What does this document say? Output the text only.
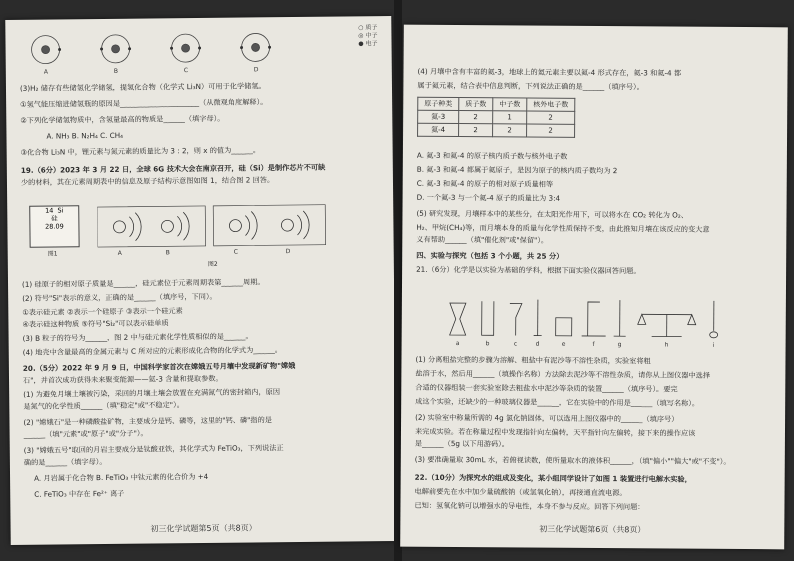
A	B	C	D
○ 质子
◎ 中子
● 电子
(3)H₂ 储存有些储氢化学储氢，提氢化合物（化学式 Li₃N）可用于化学储氢。
①氢气能压缩进储氢瓶的原因是______________________（从微观角度解释）。
②下列化学储氢物质中，含氢量最高的物质是______（填字母）。
A. NH₃ B. N₂H₄ C. CH₄
③化合物 Li₃N 中，锂元素与氮元素的质量比为 3 : 2，则 x 的值为______。
19.（6分）2023 年 3 月 22 日，全球 6G 技术大会在南京召开，硅（Si）是制作芯片不可缺
少的材料，其在元素周期表中的信息及原子结构示意图如图 1，结合图 2 回答。
14  Si
硅
28.09
A	B	C	D
图1
图2
(1) 硅原子的相对原子质量是______，硅元素位于元素周期表第______周期。
(2) 符号"Si"表示的意义，正确的是______（填序号，下同）。
①表示硅元素 ②表示一个硅原子 ③表示一个硅元素
④表示硅这种物质 ⑤符号"Si₂"可以表示硅单质
(3) B 粒子的符号为______，图 2 中与硅元素化学性质相似的是______。
(4) 地壳中含量最高的金属元素与 C 所对应的元素形成化合物的化学式为______。
20.（5分）2022 年 9 月 9 日，中国科学家首次在嫦娥五号月壤中发现新矿物"嫦娥
石"，并首次成功获得未来聚变能源——氦-3 含量和提取参数。
(1) 为避免月壤土壤被污染，采回的月壤土壤会放置在充满氮气的密封箱内，原因
是氮气的化学性质______（填"稳定"或"不稳定"）。
(2) "嫦娥石"是一种磷酸盐矿物，主要成分是钙、磷等，这里的"钙、磷"指的是
______（填"元素"或"原子"或"分子"）。
(3) "嫦娥五号"取回的月岩主要成分是钛酸亚铁，其化学式为 FeTiO₃，下列说法正
确的是______（填字母）。
A. 月岩属于化合物 B. FeTiO₃ 中钛元素的化合价为 +4
C. FeTiO₃ 中存在 Fe²⁺ 离子
初三化学试题第5页（共8页）
(4) 月壤中含有丰富的氦-3，地球上的氦元素主要以氦-4 形式存在，氦-3 和氦-4 都
属于氦元素，结合表中信息判断，下列说法正确的是______（填序号）。
原子种类	质子数	中子数	核外电子数
氦-3	2	1	2
氦-4	2	2	2
A. 氦-3 和氦-4 的原子核内质子数与核外电子数
B. 氦-3 和氦-4 都属于氦原子，是因为原子的核内质子数均为 2
C. 氦-3 和氦-4 的原子的相对原子质量相等
D. 一个氦-3 与一个氦-4 原子的质量比为 3:4
(5) 研究发现，月壤样本中的某些分，在太阳光作用下，可以将水在 CO₂ 转化为 O₂、
H₂、甲烷(CH₄)等，而月壤本身的质量与化学性质保持不变，由此推知月壤在该反应的变大意
义有帮助______（填"催化剂"或"保留"）。
四、实验与探究（包括 3 个小题，共 25 分）
21.（6分）化学是以实验为基础的学科，根据下面实验仪器回答问题。
a	b	c	d	e	f	g	h	i
(1) 分离粗盐完整的步骤为溶解、粗盐中有泥沙等不溶性杂质，实验室将粗
盐溶于水，然后用______（填操作名称）方法除去泥沙等不溶性杂质，请你从上图仪器中选择
合适的仪器组装一套实验室除去粗盐水中泥沙等杂质的装置______（填序号）。要完
成这个实验，还缺少的一种玻璃仪器是______，它在实验中的作用是______（填写名称）。
(2) 实验室中称量所需的 4g 氯化钠固体，可以选用上图仪器中的______（填序号）
来完成实验。若在称量过程中发现指针向左偏转，天平指针向左偏转，接下来的操作应该
是______（5g 以下用游码）。
(3) 要准确量取 30mL 水，若俯视读数，使所量取水的液体积______，（填"偏小""偏大"或"不变"）。
22.（10分）为探究水的组成及变化，某小组同学设计了如图 1 装置进行电解水实验，
电解前要先在水中加少量硫酸钠（或氢氧化钠），再接通直流电源。
已知：氢氧化钠可以增强水的导电性，本身不参与反应。回答下列问题：
初三化学试题第6页（共8页）
